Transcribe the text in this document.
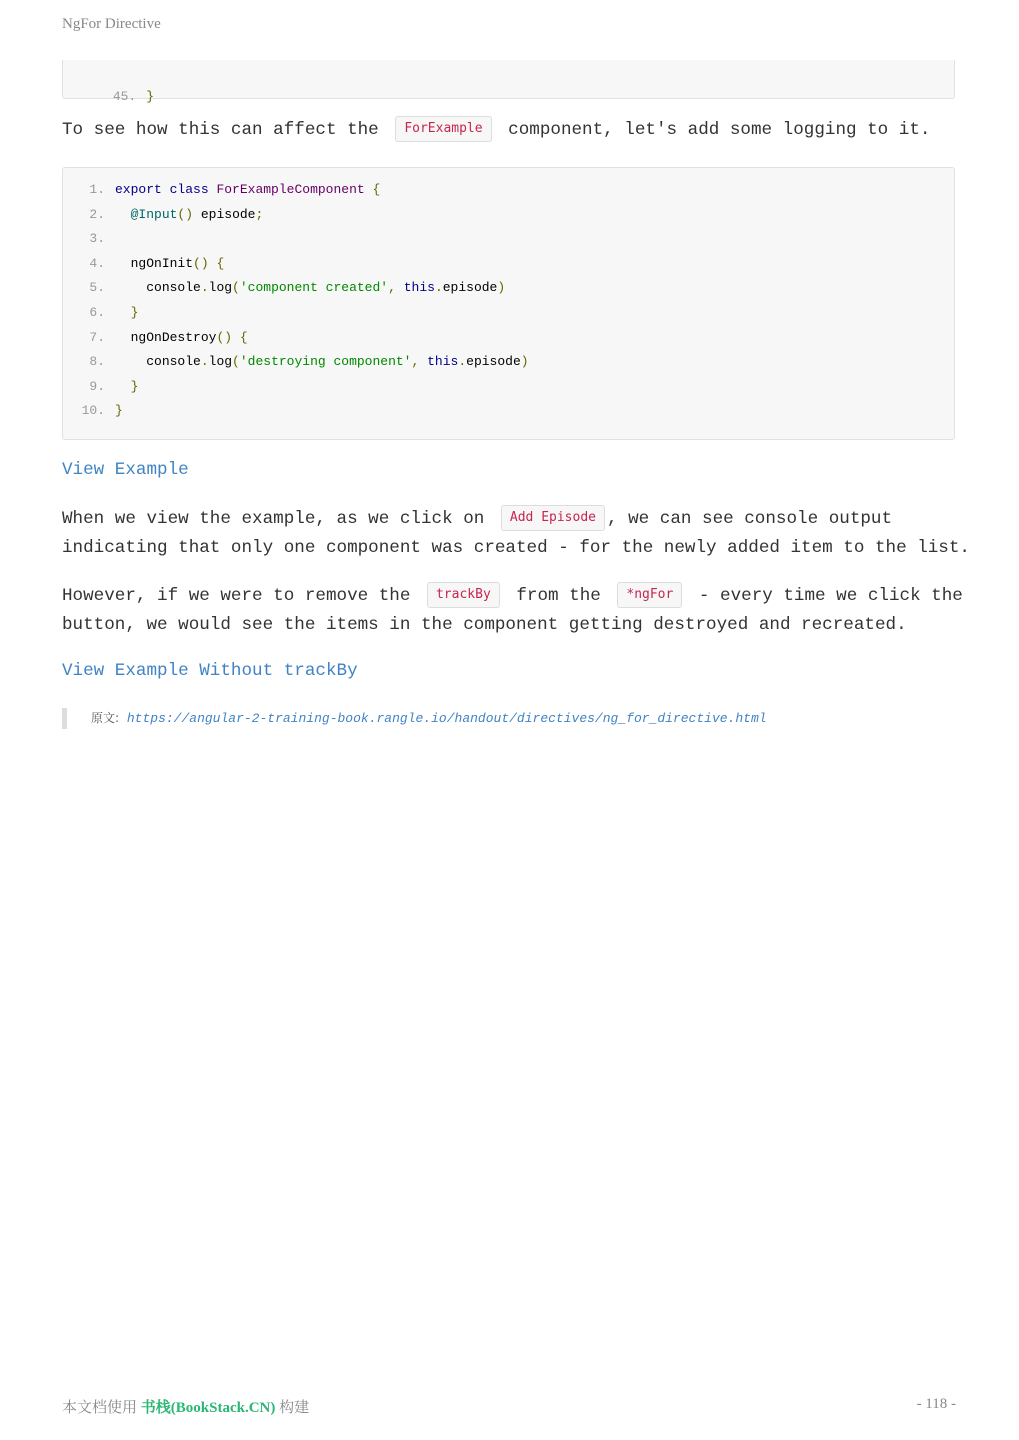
NgFor Directive

45. }

To see how this can affect the ForExample component, let's add some logging to it.

1. export class ForExampleComponent {
2. @Input() episode;
3.
4. ngOnInit() {
5.	console.log('component created', this.episode)
6. }
7. ngOnDestroy() {
8.	console.log('destroying component', this.episode)
9. }
10. }
View Example

When we view the example, as we click on Add Episode , we can see console output
indicating that only one component was created - for the newly added item to the list.

However, if we were to remove the trackBy from the *ngFor - every time we click the
button, we would see the items in the component getting destroyed and recreated.

View Example Without trackBy
原文: https://angular-2-training-book.rangle.io/handout/directives/ng_for_directive.html
本文档使用 书栈(BookStack.CN) 构建	- 118 -
